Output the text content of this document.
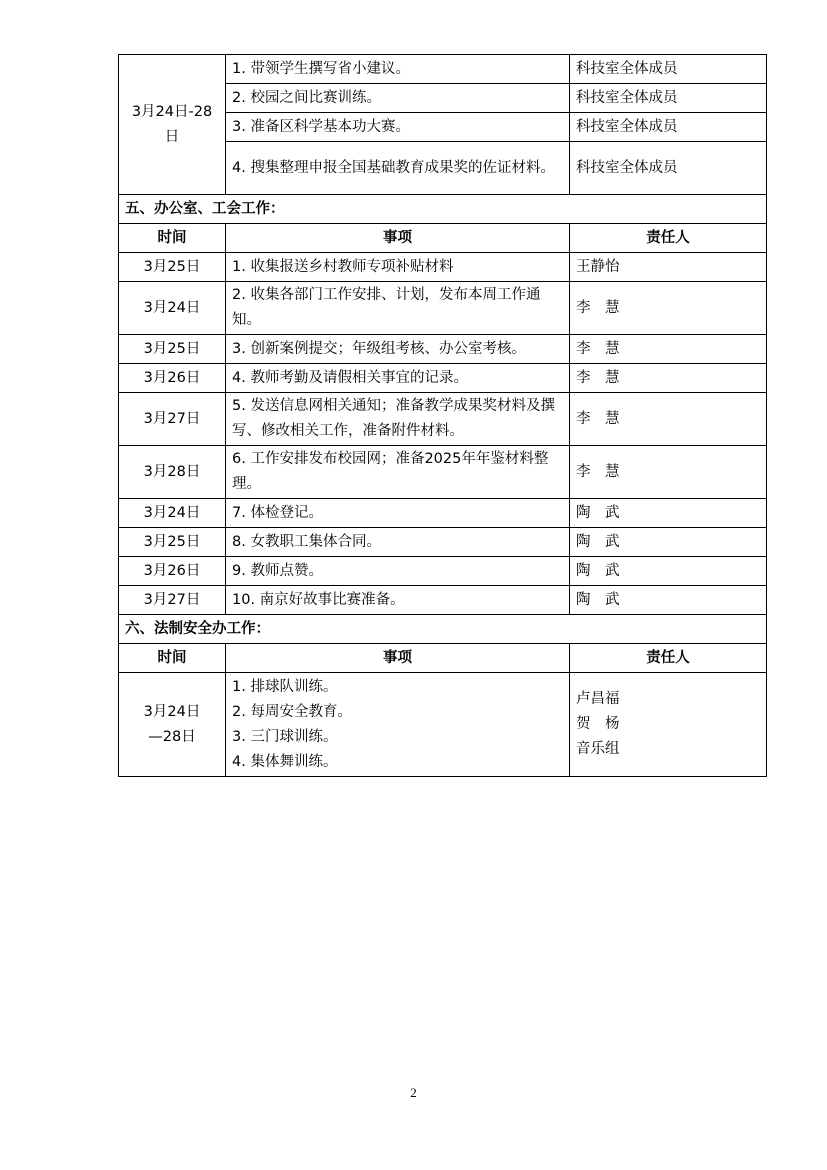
3月24日-28日	1. 带领学生撰写省小建议。	科技室全体成员
	2. 校园之间比赛训练。	科技室全体成员
	3. 准备区科学基本功大赛。	科技室全体成员
	4. 搜集整理申报全国基础教育成果奖的佐证材料。	科技室全体成员
五、办公室、工会工作：		
时间	事项	责任人
3月25日	1. 收集报送乡村教师专项补贴材料	王静怡
3月24日	2. 收集各部门工作安排、计划，发布本周工作通知。	李　慧
3月25日	3. 创新案例提交；年级组考核、办公室考核。	李　慧
3月26日	4. 教师考勤及请假相关事宜的记录。	李　慧
3月27日	5. 发送信息网相关通知；准备教学成果奖材料及撰写、修改相关工作，准备附件材料。	李　慧
3月28日	6. 工作安排发布校园网；准备2025年年鉴材料整理。	李　慧
3月24日	7. 体检登记。	陶　武
3月25日	8. 女教职工集体合同。	陶　武
3月26日	9. 教师点赞。	陶　武
3月27日	10. 南京好故事比赛准备。	陶　武
六、法制安全办工作：		
时间	事项	责任人

3月24日
—28日	1. 排球队训练。
2. 每周安全教育。
3. 三门球训练。
4. 集体舞训练。	卢昌福
贺　杨
音乐组
2
